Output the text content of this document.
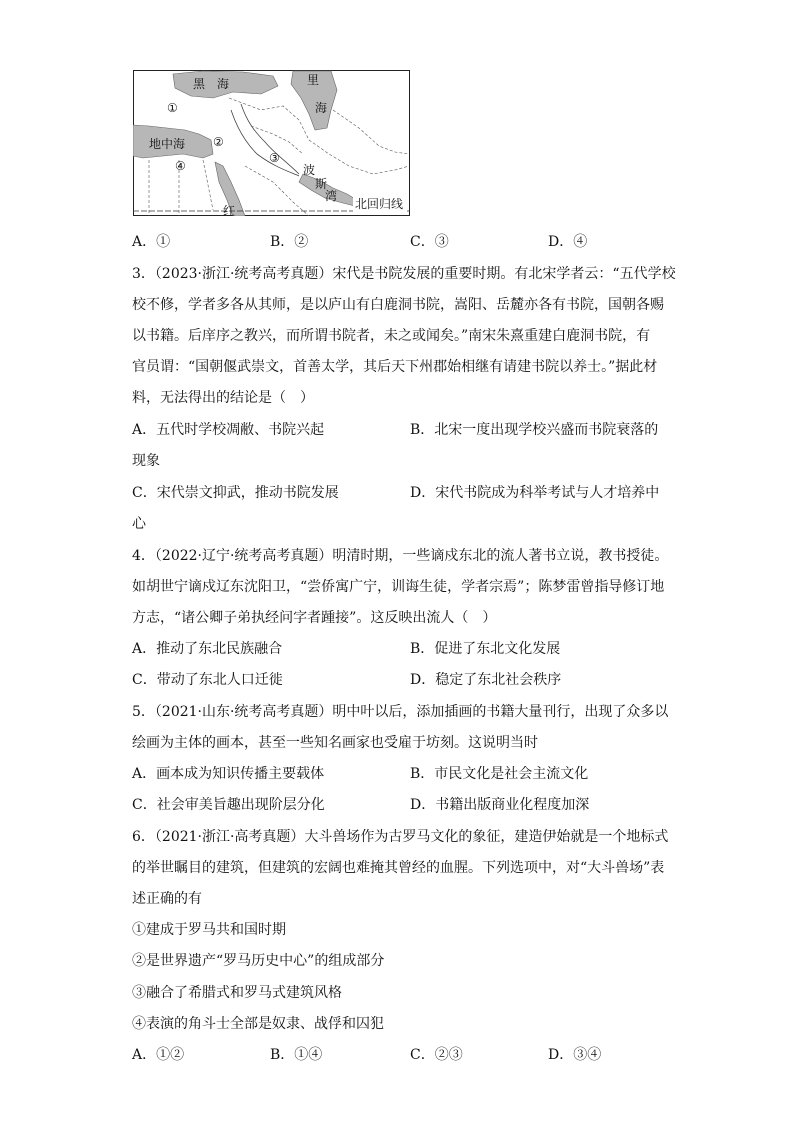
黑　海	里
海
地中海
波
斯
湾
北回归线
红
①
②
③
④
A．①	B．②	C．③	D．④
3．（2023·浙江·统考高考真题）宋代是书院发展的重要时期。有北宋学者云：“五代学校
校不修，学者多各从其师，是以庐山有白鹿洞书院，嵩阳、岳麓亦各有书院，国朝各赐
以书籍。后庠序之教兴，而所谓书院者，未之或闻矣。”南宋朱熹重建白鹿洞书院，有
官员谓：“国朝偃武崇文，首善太学，其后天下州郡始相继有请建书院以养士。”据此材
料，无法得出的结论是（　）
A．五代时学校凋敝、书院兴起	B．北宋一度出现学校兴盛而书院衰落的
现象
C．宋代崇文抑武，推动书院发展	D．宋代书院成为科举考试与人才培养中
心
4．（2022·辽宁·统考高考真题）明清时期，一些谪戍东北的流人著书立说，教书授徒。
如胡世宁谪戍辽东沈阳卫，“尝侨寓广宁，训诲生徒，学者宗焉”；陈梦雷曾指导修订地
方志，“诸公卿子弟执经问字者踵接”。这反映出流人（　）
A．推动了东北民族融合	B．促进了东北文化发展
C．带动了东北人口迁徙	D．稳定了东北社会秩序
5．（2021·山东·统考高考真题）明中叶以后，添加插画的书籍大量刊行，出现了众多以
绘画为主体的画本，甚至一些知名画家也受雇于坊刻。这说明当时
A．画本成为知识传播主要载体	B．市民文化是社会主流文化
C．社会审美旨趣出现阶层分化	D．书籍出版商业化程度加深
6．（2021·浙江·高考真题）大斗兽场作为古罗马文化的象征，建造伊始就是一个地标式
的举世瞩目的建筑，但建筑的宏阔也难掩其曾经的血腥。下列选项中，对“大斗兽场”表
述正确的有
①建成于罗马共和国时期
②是世界遗产“罗马历史中心”的组成部分
③融合了希腊式和罗马式建筑风格
④表演的角斗士全部是奴隶、战俘和囚犯
A．①②	B．①④	C．②③	D．③④
